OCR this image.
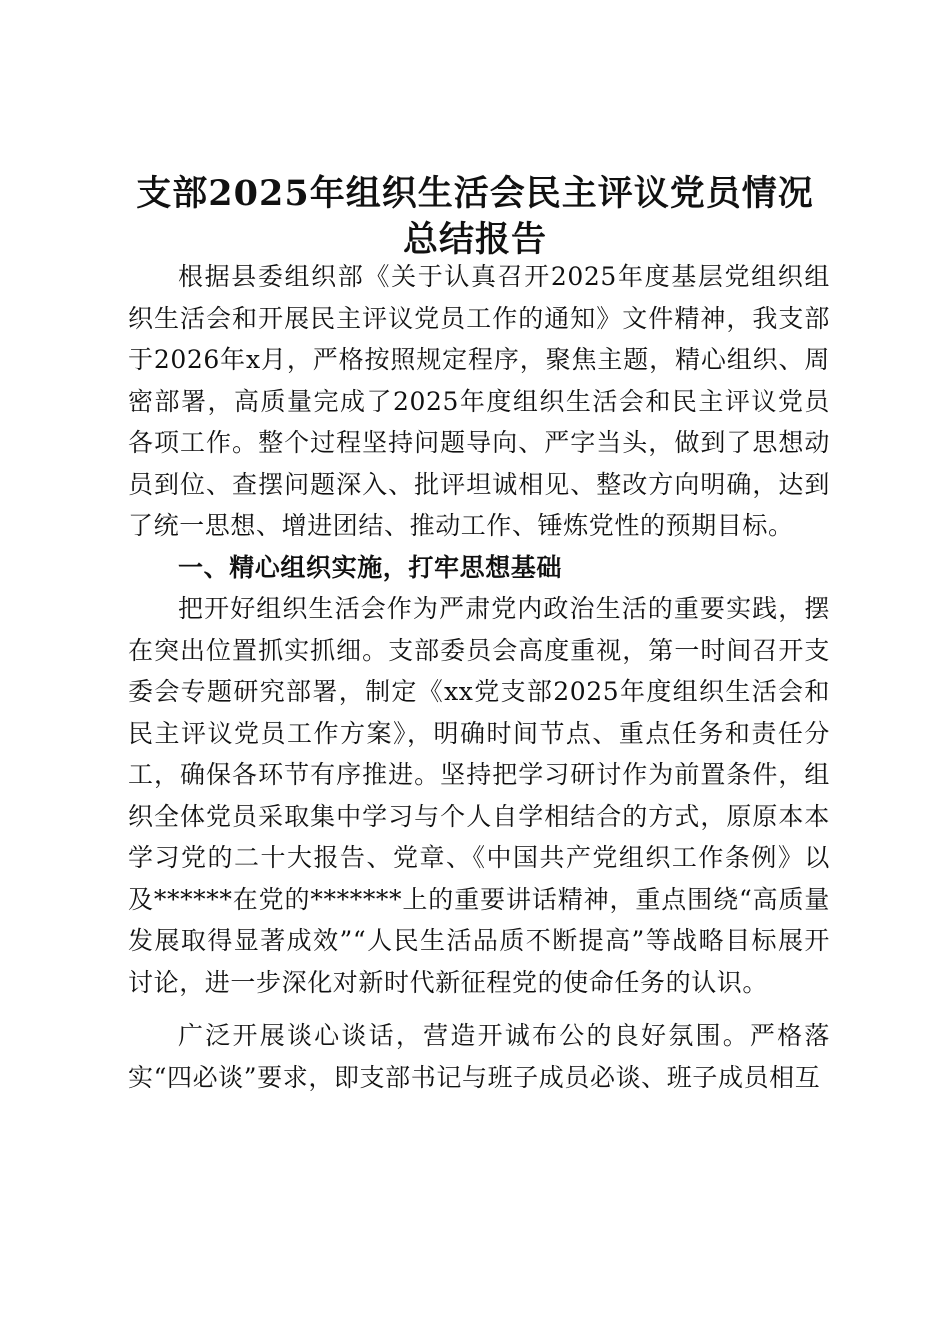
支部2025年组织生活会民主评议党员情况
总结报告

根据县委组织部《关于认真召开2025年度基层党组织组织生活会和开展民主评议党员工作的通知》文件精神，我支部于2026年x月，严格按照规定程序，聚焦主题，精心组织、周密部署，高质量完成了2025年度组织生活会和民主评议党员各项工作。整个过程坚持问题导向、严字当头，做到了思想动员到位、查摆问题深入、批评坦诚相见、整改方向明确，达到了统一思想、增进团结、推动工作、锤炼党性的预期目标。

一、精心组织实施，打牢思想基础

把开好组织生活会作为严肃党内政治生活的重要实践，摆在突出位置抓实抓细。支部委员会高度重视，第一时间召开支委会专题研究部署，制定《xx党支部2025年度组织生活会和民主评议党员工作方案》，明确时间节点、重点任务和责任分工，确保各环节有序推进。坚持把学习研讨作为前置条件，组织全体党员采取集中学习与个人自学相结合的方式，原原本本学习党的二十大报告、党章、《中国共产党组织工作条例》以及******在党的*******上的重要讲话精神，重点围绕“高质量发展取得显著成效”“人民生活品质不断提高”等战略目标展开讨论，进一步深化对新时代新征程党的使命任务的认识。

广泛开展谈心谈话，营造开诚布公的良好氛围。严格落实“四必谈”要求，即支部书记与班子成员必谈、班子成员相互
